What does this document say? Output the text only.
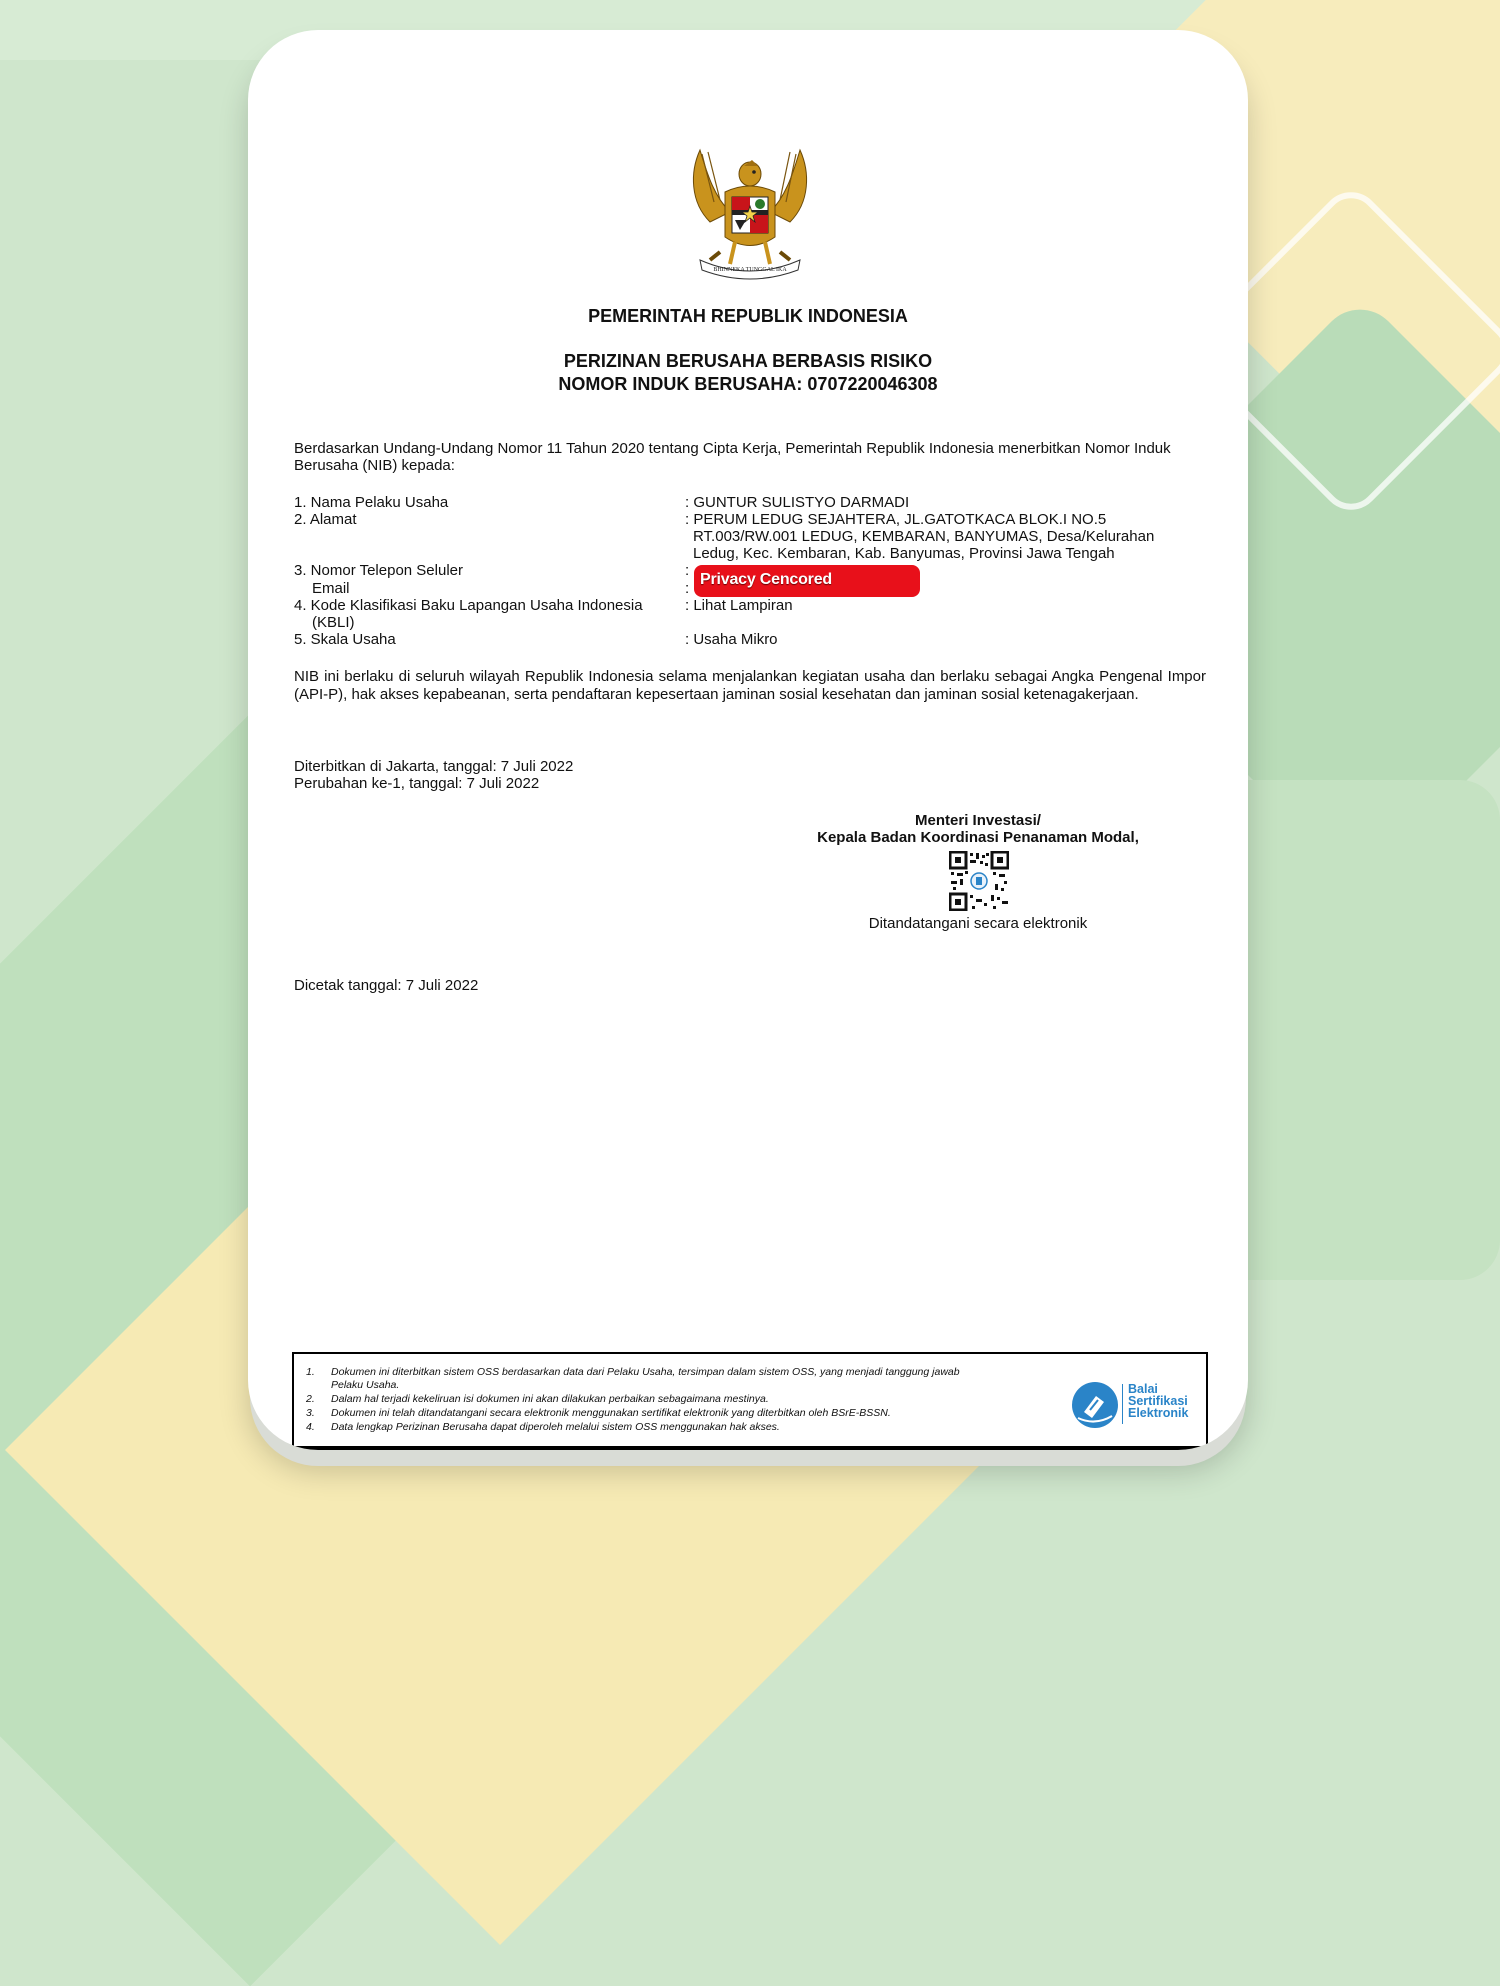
BHINNEKA TUNGGAL IKA
PEMERINTAH REPUBLIK INDONESIA
PERIZINAN BERUSAHA BERBASIS RISIKO
NOMOR INDUK BERUSAHA: 0707220046308
Berdasarkan Undang-Undang Nomor 11 Tahun 2020 tentang Cipta Kerja, Pemerintah Republik Indonesia menerbitkan Nomor Induk Berusaha (NIB) kepada:
1. Nama Pelaku Usaha	: GUNTUR SULISTYO DARMADI
2. Alamat	: PERUM LEDUG SEJAHTERA, JL.GATOTKACA BLOK.I NO.5
RT.003/RW.001 LEDUG, KEMBARAN, BANYUMAS, Desa/Kelurahan
Ledug, Kec. Kembaran, Kab. Banyumas, Provinsi Jawa Tengah
3. Nomor Telepon Seluler	:
Email	:
4. Kode Klasifikasi Baku Lapangan Usaha Indonesia	: Lihat Lampiran
(KBLI)
5. Skala Usaha	: Usaha Mikro
Privacy Cencored
NIB ini berlaku di seluruh wilayah Republik Indonesia selama menjalankan kegiatan usaha dan berlaku sebagai Angka Pengenal Impor (API-P), hak akses kepabeanan, serta pendaftaran kepesertaan jaminan sosial kesehatan dan jaminan sosial ketenagakerjaan.
Diterbitkan di Jakarta, tanggal: 7 Juli 2022
Perubahan ke-1, tanggal: 7 Juli 2022
Menteri Investasi/
Kepala Badan Koordinasi Penanaman Modal,
Ditandatangani secara elektronik
Dicetak tanggal: 7 Juli 2022
1.	Dokumen ini diterbitkan sistem OSS berdasarkan data dari Pelaku Usaha, tersimpan dalam sistem OSS, yang menjadi tanggung jawab
Pelaku Usaha.
2.	Dalam hal terjadi kekeliruan isi dokumen ini akan dilakukan perbaikan sebagaimana mestinya.
3.	Dokumen ini telah ditandatangani secara elektronik menggunakan sertifikat elektronik yang diterbitkan oleh BSrE-BSSN.
4.	Data lengkap Perizinan Berusaha dapat diperoleh melalui sistem OSS menggunakan hak akses.
Balai
Sertifikasi
Elektronik
